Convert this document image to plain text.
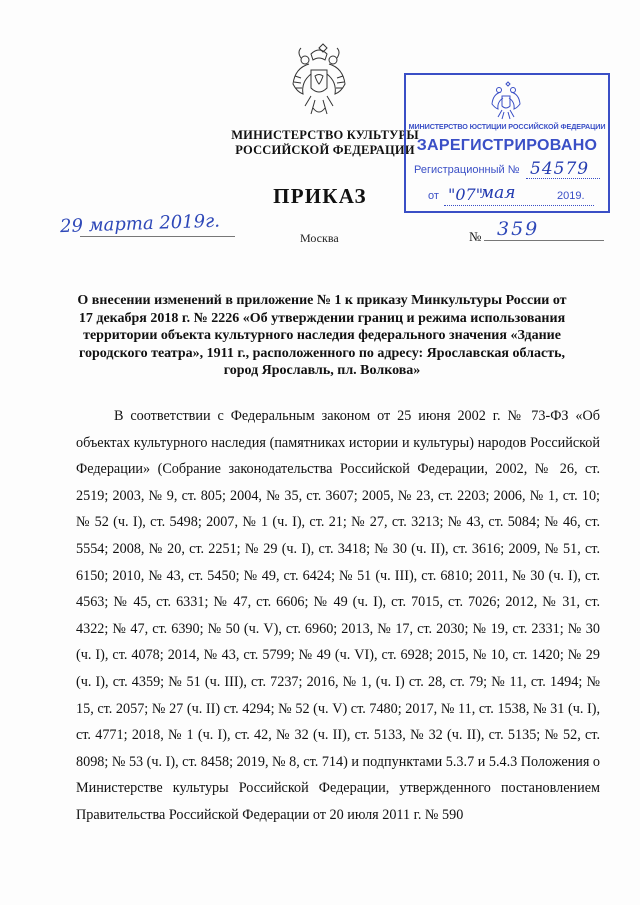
МИНИСТЕРСТВО КУЛЬТУРЫ
РОССИЙСКОЙ ФЕДЕРАЦИИ
ПРИКАЗ
29 марта 2019г.
Москва	№ 359
МИНИСТЕРСТВО ЮСТИЦИИ РОССИЙСКОЙ ФЕДЕРАЦИИ
ЗАРЕГИСТРИРОВАНО
Регистрационный № 54579
от "07"
мая	2019.
О внесении изменений в приложение № 1 к приказу Минкультуры России от 17 декабря 2018 г. № 2226 «Об утверждении границ и режима использования территории объекта культурного наследия федерального значения «Здание городского театра», 1911 г., расположенного по адресу: Ярославская область, город Ярославль, пл. Волкова»
В соответствии с Федеральным законом от 25 июня 2002 г. № 73-ФЗ «Об объектах культурного наследия (памятниках истории и культуры) народов Российской Федерации» (Собрание законодательства Российской Федерации, 2002, № 26, ст. 2519; 2003, № 9, ст. 805; 2004, № 35, ст. 3607; 2005, № 23, ст. 2203; 2006, № 1, ст. 10; № 52 (ч. I), ст. 5498; 2007, № 1 (ч. I), ст. 21; № 27, ст. 3213; № 43, ст. 5084; № 46, ст. 5554; 2008, № 20, ст. 2251; № 29 (ч. I), ст. 3418; № 30 (ч. II), ст. 3616; 2009, № 51, ст. 6150; 2010, № 43, ст. 5450; № 49, ст. 6424; № 51 (ч. III), ст. 6810; 2011, № 30 (ч. I), ст. 4563; № 45, ст. 6331; № 47, ст. 6606; № 49 (ч. I), ст. 7015, ст. 7026; 2012, № 31, ст. 4322; № 47, ст. 6390; № 50 (ч. V), ст. 6960; 2013, № 17, ст. 2030; № 19, ст. 2331; № 30 (ч. I), ст. 4078; 2014, № 43, ст. 5799; № 49 (ч. VI), ст. 6928; 2015, № 10, ст. 1420; № 29 (ч. I), ст. 4359; № 51 (ч. III), ст. 7237; 2016, № 1, (ч. I) ст. 28, ст. 79; № 11, ст. 1494; № 15, ст. 2057; № 27 (ч. II) ст. 4294; № 52 (ч. V) ст. 7480; 2017, № 11, ст. 1538, № 31 (ч. I), ст. 4771; 2018, № 1 (ч. I), ст. 42, № 32 (ч. II), ст. 5133, № 32 (ч. II), ст. 5135; № 52, ст. 8098; № 53 (ч. I), ст. 8458; 2019, № 8, ст. 714) и подпунктами 5.3.7 и 5.4.3 Положения о Министерстве культуры Российской Федерации, утвержденного постановлением Правительства Российской Федерации от 20 июля 2011 г. № 590
